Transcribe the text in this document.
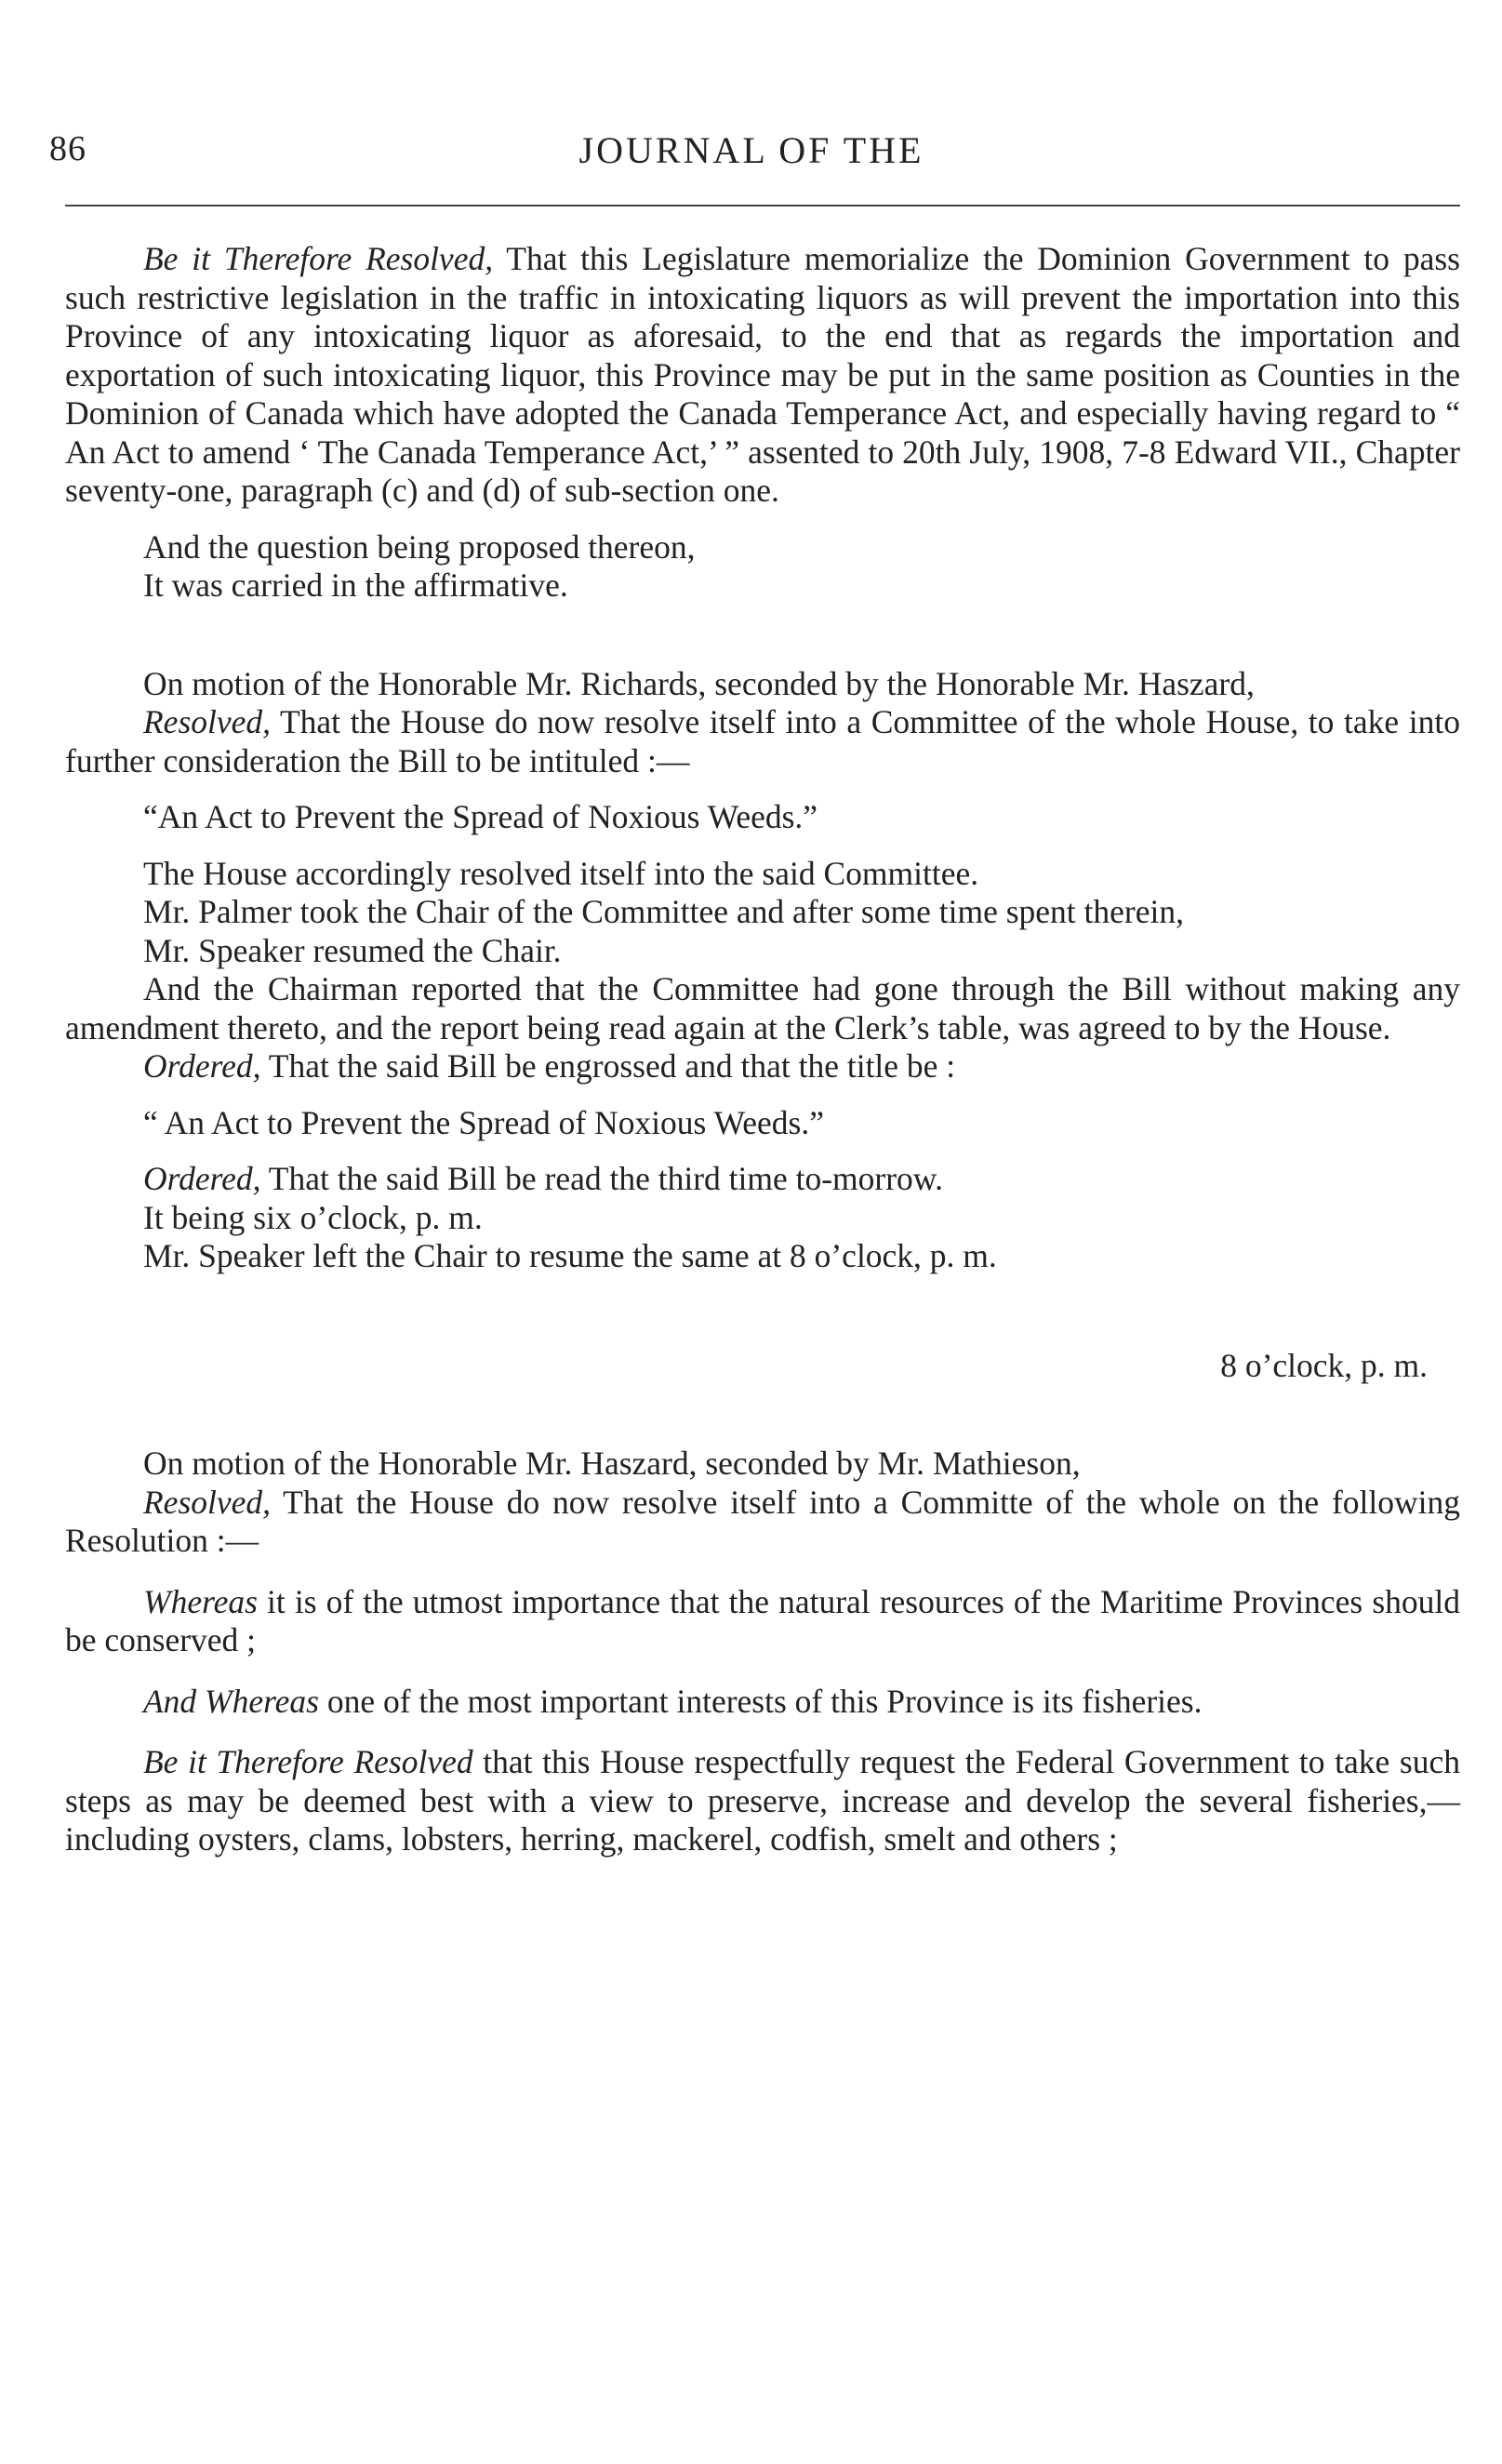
86	JOURNAL OF THE

Be it Therefore Resolved, That this Legislature memorialize the Dominion Government to pass such restrictive legislation in the traffic in intoxicating liquors as will prevent the importation into this Province of any intoxicating liquor as aforesaid, to the end that as regards the importation and exportation of such intoxicating liquor, this Province may be put in the same position as Counties in the Dominion of Canada which have adopted the Canada Temperance Act, and especially having regard to “ An Act to amend ‘ The Canada Temperance Act,’ ” assented to 20th July, 1908, 7-8 Edward VII., Chapter seventy-one, paragraph (c) and (d) of sub-section one.

And the question being proposed thereon,

It was carried in the affirmative.

On motion of the Honorable Mr. Richards, seconded by the Honorable Mr. Haszard,

Resolved, That the House do now resolve itself into a Committee of the whole House, to take into further consideration the Bill to be intituled :—

“An Act to Prevent the Spread of Noxious Weeds.”

The House accordingly resolved itself into the said Committee.

Mr. Palmer took the Chair of the Committee and after some time spent therein,

Mr. Speaker resumed the Chair.

And the Chairman reported that the Committee had gone through the Bill without making any amendment thereto, and the report being read again at the Clerk’s table, was agreed to by the House.

Ordered, That the said Bill be engrossed and that the title be :

“ An Act to Prevent the Spread of Noxious Weeds.”

Ordered, That the said Bill be read the third time to-morrow.

It being six o’clock, p. m.

Mr. Speaker left the Chair to resume the same at 8 o’clock, p. m.

8 o’clock, p. m.

On motion of the Honorable Mr. Haszard, seconded by Mr. Mathieson,

Resolved, That the House do now resolve itself into a Committe of the whole on the following Resolution :—

Whereas it is of the utmost importance that the natural resources of the Maritime Provinces should be conserved ;

And Whereas one of the most important interests of this Province is its fisheries.

Be it Therefore Resolved that this House respectfully request the Federal Government to take such steps as may be deemed best with a view to preserve, increase and develop the several fisheries,—including oysters, clams, lobsters, herring, mackerel, codfish, smelt and others ;
